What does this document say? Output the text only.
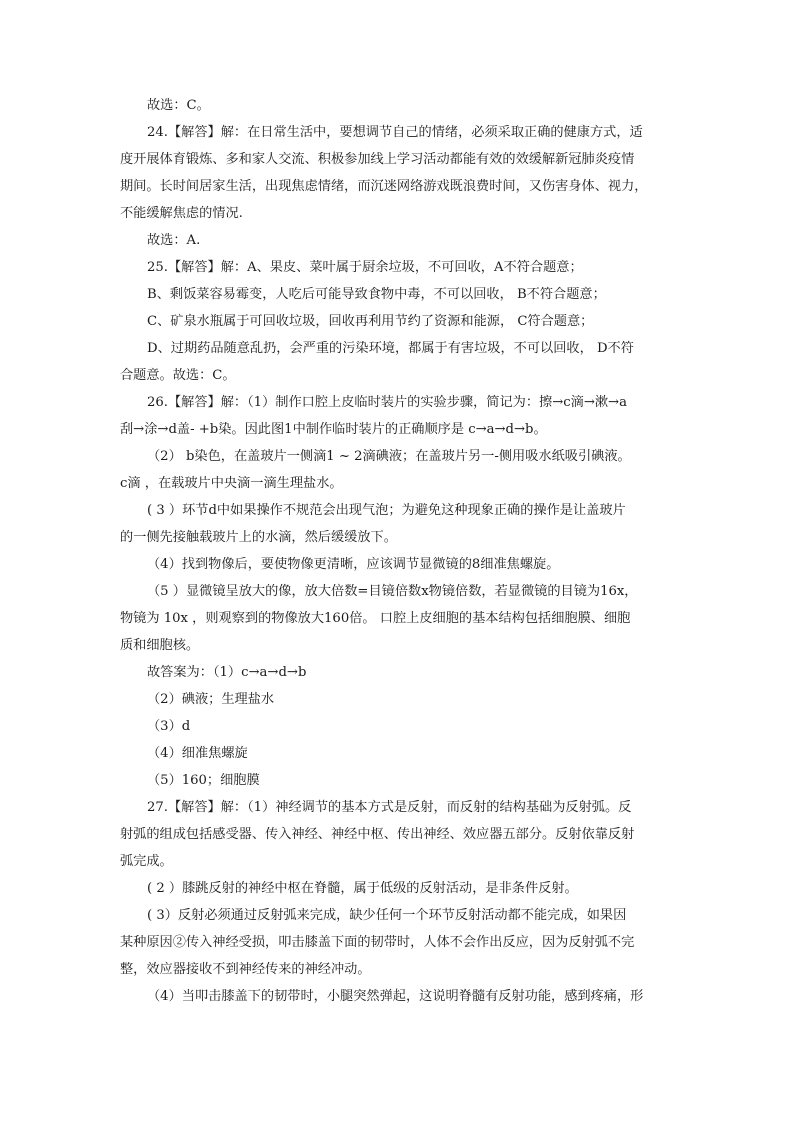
故选：C。
24.【解答】解：在日常生活中，要想调节自己的情绪，必须采取正确的健康方式，适
度开展体育锻炼、多和家人交流、积极参加线上学习活动都能有效的效缓解新冠肺炎疫情
期间。长时间居家生活，出现焦虑情绪，而沉迷网络游戏既浪费时间，又伤害身体、视力，
不能缓解焦虑的情况.
故选：A.
25.【解答】解：A、果皮、菜叶属于厨余垃圾，不可回收，A不符合题意；
B、剩饭菜容易霉变，人吃后可能导致食物中毒，不可以回收， B不符合题意；
C、矿泉水瓶属于可回收垃圾，回收再利用节约了资源和能源， C符合题意；
D、过期药品随意乱扔，会严重的污染环境，都属于有害垃圾，不可以回收， D不符
合题意。故选：C。
26.【解答】解：（1）制作口腔上皮临时装片的实验步骤，简记为：擦→c滴→漱→a
刮→涂→d盖- +b染。因此图1中制作临时装片的正确顺序是 c→a→d→b。
（2） b染色，在盖玻片一侧滴1 ~ 2滴碘液；在盖玻片另一-侧用吸水纸吸引碘液。
c滴 ，在载玻片中央滴一滴生理盐水。
( 3 ）环节d中如果操作不规范会出现气泡；为避免这种现象正确的操作是让盖玻片
的一侧先接触载玻片上的水滴，然后缓缓放下。
（4）找到物像后，要使物像更清晰，应该调节显微镜的8细准焦螺旋。
（5 ）显微镜呈放大的像，放大倍数=目镜倍数x物镜倍数，若显微镜的目镜为16x，
物镜为 10x ，则观察到的物像放大160倍。 口腔上皮细胞的基本结构包括细胞膜、细胞
质和细胞核。
故答案为：（1）c→a→d→b
（2）碘液；生理盐水
（3）d
（4）细准焦螺旋
（5）160；细胞膜
27.【解答】解：（1）神经调节的基本方式是反射，而反射的结构基础为反射弧。反
射弧的组成包括感受器、传入神经、神经中枢、传出神经、效应器五部分。反射依靠反射
弧完成。
( 2 ）膝跳反射的神经中枢在脊髓，属于低级的反射活动，是非条件反射。
( 3）反射必须通过反射弧来完成，缺少任何一个环节反射活动都不能完成，如果因
某种原因②传入神经受损，叩击膝盖下面的韧带时，人体不会作出反应，因为反射弧不完
整，效应器接收不到神经传来的神经冲动。
（4）当叩击膝盖下的韧带时，小腿突然弹起，这说明脊髓有反射功能，感到疼痛，形
